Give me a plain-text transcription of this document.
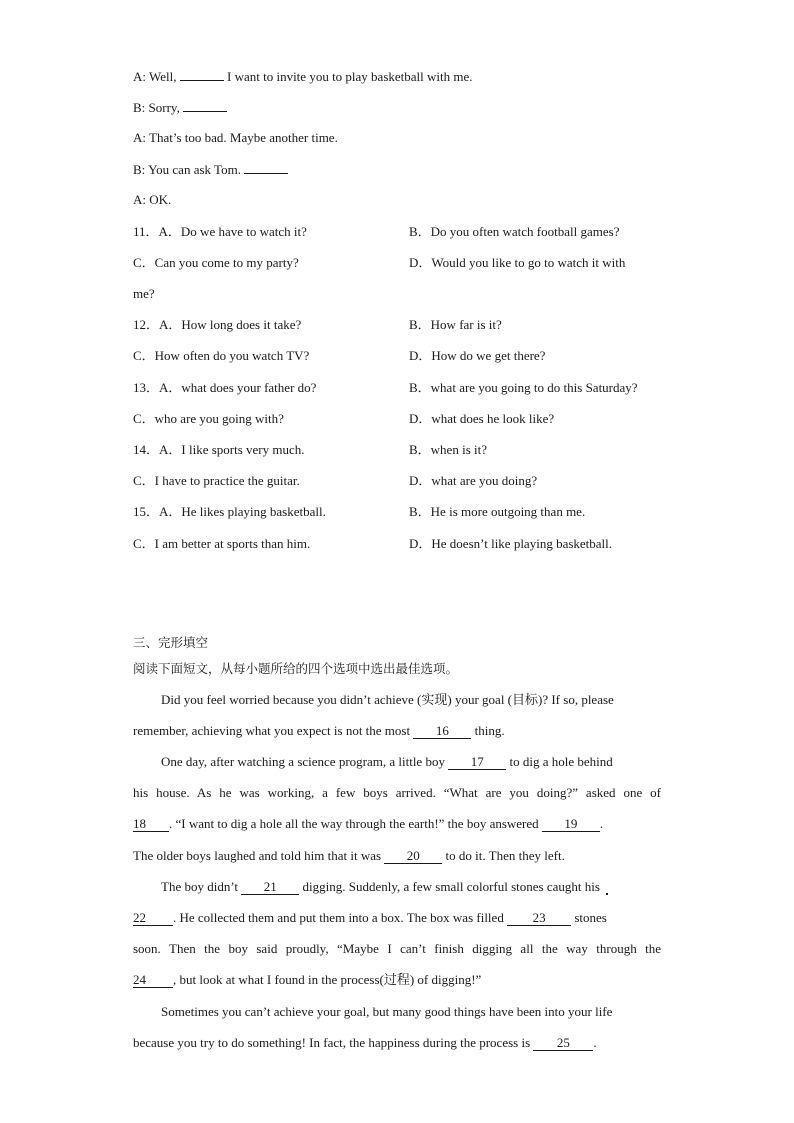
A: Well,	I want to invite you to play basketball with me.
B: Sorry,
A: That’s too bad. Maybe another time.
B: You can ask Tom.
A: OK.
11．A．Do we have to watch it?	B．Do you often watch football games?
C．Can you come to my party?	D．Would you like to go to watch it with
me?
12．A．How long does it take?	B．How far is it?
C．How often do you watch TV?	D．How do we get there?
13．A．what does your father do?	B．what are you going to do this Saturday?
C．who are you going with?	D．what does he look like?
14．A．I like sports very much.	B．when is it?
C．I have to practice the guitar.	D．what are you doing?
15．A．He likes playing basketball.	B．He is more outgoing than me.
C．I am better at sports than him.	D．He doesn’t like playing basketball.
三、完形填空
阅读下面短文，从每小题所给的四个选项中选出最佳选项。
Did you feel worried because you didn’t achieve (实现) your goal (目标)? If so, please
remember, achieving what you expect is not the most 16 thing.
One day, after watching a science program, a little boy 17 to dig a hole behind
his house. As he was working, a few boys arrived. “What are you doing?” asked one of
18 . “I want to dig a hole all the way through the earth!” the boy answered 19 .
The older boys laughed and told him that it was 20 to do it. Then they left.
The boy didn’t 21 digging. Suddenly, a few small colorful stones caught his
22 . He collected them and put them into a box. The box was filled 23 stones
soon. Then the boy said proudly, “Maybe I can’t finish digging all the way through the
24 , but look at what I found in the process(过程) of digging!”
Sometimes you can’t achieve your goal, but many good things have been into your life
because you try to do something! In fact, the happiness during the process is 25 .
